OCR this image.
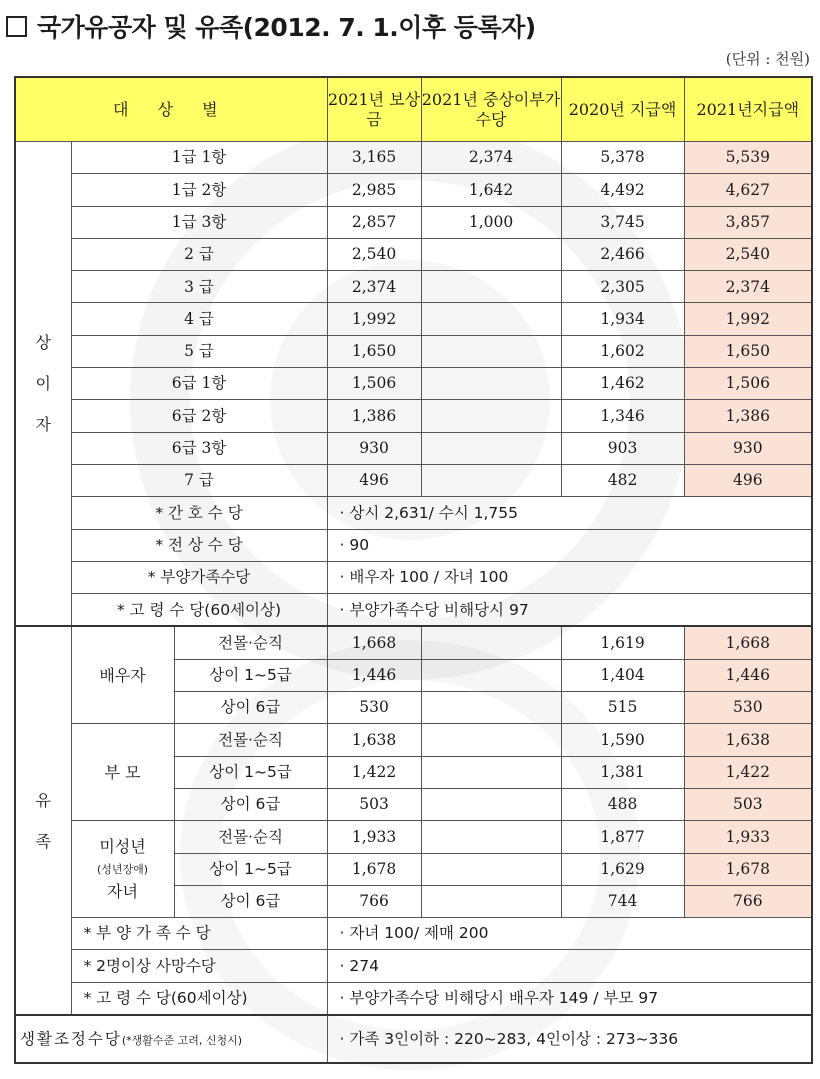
국가유공자 및 유족(2012. 7. 1.이후 등록자)
(단위 : 천원)
대 상 별			2021년 보상금	2021년 중상이부가수당	2020년 지급액	2021년지급액

상
이
자	1급 1항		3,165	2,374	5,378	5,539
	1급 2항		2,985	1,642	4,492	4,627
	1급 3항		2,857	1,000	3,745	3,857
	2 급		2,540		2,466	2,540
	3 급		2,374		2,305	2,374
	4 급		1,992		1,934	1,992
	5 급		1,650		1,602	1,650
	6급 1항		1,506		1,462	1,506
	6급 2항		1,386		1,346	1,386
	6급 3항		930		903	930
	7 급		496		482	496
	* 간 호 수 당		· 상시 2,631/ 수시 1,755			
	* 전 상 수 당		· 90			
	* 부양가족수당		· 배우자 100 / 자녀 100			
	* 고 령 수 당(60세이상)		· 부양가족수당 비해당시 97			

유
족	배우자	전몰·순직	1,668		1,619	1,668
		상이 1~5급	1,446		1,404	1,446
		상이 6급	530		515	530

	부 모	전몰·순직	1,638		1,590	1,638
		상이 1~5급	1,422		1,381	1,422
		상이 6급	503		488	503

	미성년
(성년장애)
자녀	전몰·순직	1,933		1,877	1,933
		상이 1~5급	1,678		1,629	1,678
		상이 6급	766		744	766
	* 부 양 가 족 수 당		· 자녀 100/ 제매 200			
	* 2명이상 사망수당		· 274			
	* 고 령 수 당(60세이상)		· 부양가족수당 비해당시 배우자 149 / 부모 97			
생활조정수당(*생활수준 고려, 신청시)			· 가족 3인이하 : 220~283, 4인이상 : 273~336			
